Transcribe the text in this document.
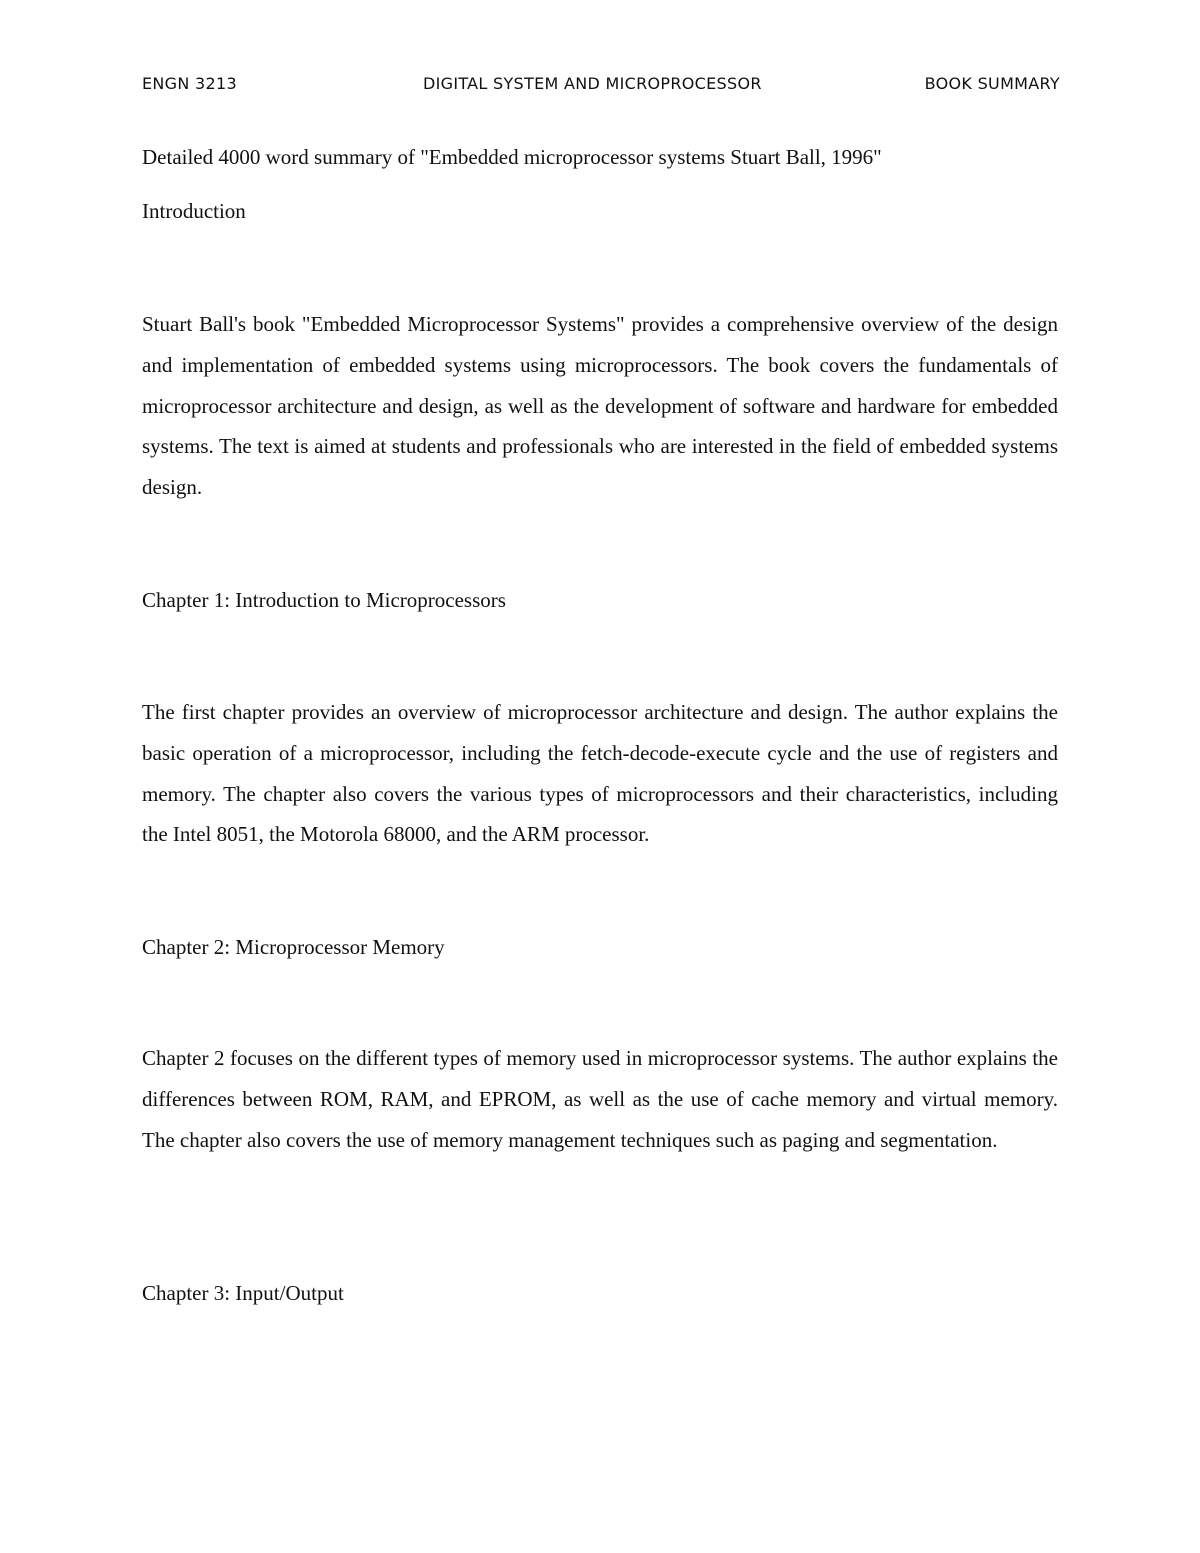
ENGN 3213	DIGITAL SYSTEM AND MICROPROCESSOR	BOOK SUMMARY
Detailed 4000 word summary of "Embedded microprocessor systems Stuart Ball, 1996"
Introduction

Stuart Ball's book "Embedded Microprocessor Systems" provides a comprehensive overview of the design and implementation of embedded systems using microprocessors. The book covers the fundamentals of microprocessor architecture and design, as well as the development of software and hardware for embedded systems. The text is aimed at students and professionals who are interested in the field of embedded systems design.

Chapter 1: Introduction to Microprocessors

The first chapter provides an overview of microprocessor architecture and design. The author explains the basic operation of a microprocessor, including the fetch-decode-execute cycle and the use of registers and memory. The chapter also covers the various types of microprocessors and their characteristics, including the Intel 8051, the Motorola 68000, and the ARM processor.

Chapter 2: Microprocessor Memory

Chapter 2 focuses on the different types of memory used in microprocessor systems. The author explains the differences between ROM, RAM, and EPROM, as well as the use of cache memory and virtual memory. The chapter also covers the use of memory management techniques such as paging and segmentation.

Chapter 3: Input/Output
